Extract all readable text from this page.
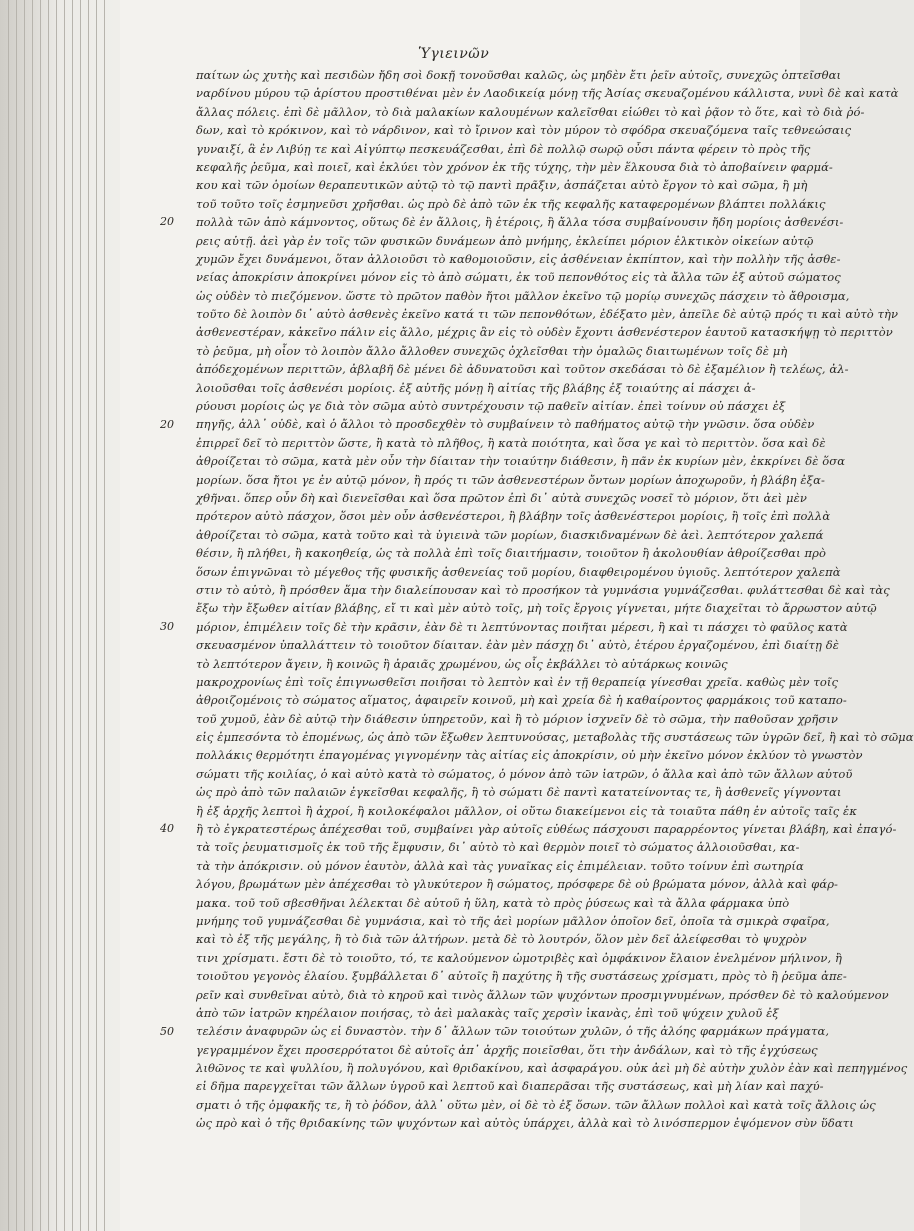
Ὑγιεινῶν
20
20
30
40
50
παίτων ὡς χυτὴς καὶ πεσιδὼν ἤδη σοὶ δοκῇ τονοῦσθαι καλῶς, ὡς μηδὲν ἔτι ῥεῖν αὐτοῖς, συνεχῶς ὀπτεῖσθαι
ναρδίνου μύρου τῷ ἀρίστου προστιθέναι μὲν ἐν Λαοδικείᾳ μόνῃ τῆς Ἀσίας σκευαζομένου κάλλιστα, νυνὶ δὲ καὶ κατὰ
ἄλλας πόλεις. ἐπὶ δὲ μᾶλλον, τὸ διὰ μαλακίων καλουμένων καλεῖσθαι εἰώθει τὸ καὶ ῥᾷον τὸ ὅτε, καὶ τὸ διὰ ῥό-
δων, καὶ τὸ κρόκινον, καὶ τὸ νάρδινον, καὶ τὸ ἴρινον καὶ τὸν μύρον τὸ σφόδρα σκευαζόμενα ταῖς τεθνεώσαις
γυναιξί, ἃ ἐν Λιβύῃ τε καὶ Αἰγύπτῳ πεσκευάζεσθαι, ἐπὶ δὲ πολλῷ σωρῷ οὖσι πάντα φέρειν τὸ πρὸς τῆς
κεφαλῆς ῥεῦμα, καὶ ποιεῖ, καὶ ἐκλύει τὸν χρόνον ἐκ τῆς τύχης, τὴν μὲν ἕλκουσα διὰ τὸ ἀποβαίνειν φαρμά-
κου καὶ τῶν ὁμοίων θεραπευτικῶν αὐτῷ τὸ τῷ παντὶ πρᾶξιν, ἀσπάζεται αὐτὸ ἔργον τὸ καὶ σῶμα, ἢ μὴ
τοῦ τοῦτο τοῖς ἐσμηνεῦσι χρῆσθαι. ὡς πρὸ δὲ ἀπὸ τῶν ἐκ τῆς κεφαλῆς καταφερομένων βλάπτει πολλάκις
πολλὰ τῶν ἀπὸ κάμνοντος, οὕτως δὲ ἐν ἄλλοις, ἢ ἑτέροις, ἢ ἄλλα τόσα συμβαίνουσιν ἤδη μορίοις ἀσθενέσι-
ρεις αὐτῇ. ἀεὶ γὰρ ἐν τοῖς τῶν φυσικῶν δυνάμεων ἀπὸ μνήμης, ἐκλείπει μόριον ἐλκτικὸν οἰκείων αὐτῷ
χυμῶν ἔχει δυνάμενοι, ὅταν ἀλλοιοῦσι τὸ καθομοιοῦσιν, εἰς ἀσθένειαν ἐκπίπτον, καὶ τὴν πολλὴν τῆς ἀσθε-
νείας ἀποκρίσιν ἀποκρίνει μόνον εἰς τὸ ἀπὸ σώματι, ἐκ τοῦ πεπονθότος εἰς τὰ ἄλλα τῶν ἐξ αὐτοῦ σώματος
ὡς οὐδὲν τὸ πιεζόμενον. ὥστε τὸ πρῶτον παθὸν ἤτοι μᾶλλον ἐκεῖνο τῷ μορίῳ συνεχῶς πάσχειν τὸ ἄθροισμα,
τοῦτο δὲ λοιπὸν δι᾽ αὐτὸ ἀσθενὲς ἐκεῖνο κατά τι τῶν πεπονθότων, ἐδέξατο μὲν, ἀπεῖλε δὲ αὐτῷ πρός τι καὶ αὐτὸ τὴν
ἀσθενεστέραν, κἀκεῖνο πάλιν εἰς ἄλλο, μέχρις ἂν εἰς τὸ οὐδὲν ἔχοντι ἀσθενέστερον ἑαυτοῦ κατασκήψῃ τὸ περιττὸν
τὸ ῥεῦμα, μὴ οἷον τὸ λοιπὸν ἄλλο ἄλλοθεν συνεχῶς ὀχλεῖσθαι τὴν ὀμαλῶς διαιτωμένων τοῖς δὲ μὴ
ἀπόδεχομένων περιττῶν, ἀβλαβῆ δὲ μένει δὲ ἀδυνατοῦσι καὶ τοῦτον σκεδάσαι τὸ δὲ ἐξαμέλιον ἢ τελέως, ἀλ-
λοιοῦσθαι τοῖς ἀσθενέσι μορίοις. ἐξ αὐτῆς μόνῃ ἢ αἰτίας τῆς βλάβης ἐξ τοιαύτης αἱ πάσχει ἀ-
ρύουσι μορίοις ὡς γε διὰ τὸν σῶμα αὐτὸ συντρέχουσιν τῷ παθεῖν αἰτίαν. ἐπεὶ τοίνυν οὐ πάσχει ἐξ
πηγῆς, ἀλλ᾽ οὐδὲ, καὶ ὁ ἄλλοι τὸ προσδεχθὲν τὸ συμβαίνειν τὸ παθήματος αὐτῷ τὴν γνῶσιν. ὅσα οὐδὲν
ἐπιρρεῖ δεῖ τὸ περιττὸν ὥστε, ἢ κατὰ τὸ πλῆθος, ἢ κατὰ ποιότητα, καὶ ὅσα γε καὶ τὸ περιττὸν. ὅσα καὶ δὲ
ἀθροίζεται τὸ σῶμα, κατὰ μὲν οὖν τὴν δίαιταν τὴν τοιαύτην διάθεσιν, ἢ πᾶν ἐκ κυρίων μὲν, ἐκκρίνει δὲ ὅσα
μορίων. ὅσα ἤτοι γε ἐν αὐτῷ μόνον, ἢ πρός τι τῶν ἀσθενεστέρων ὄντων μορίων ἀποχωροῦν, ἡ βλάβη ἐξα-
χθῆναι. ὅπερ οὖν δὴ καὶ διενεῖσθαι καὶ ὅσα πρῶτον ἐπὶ δι᾽ αὐτὰ συνεχῶς νοσεῖ τὸ μόριον, ὅτι ἀεὶ μὲν
πρότερον αὐτὸ πάσχον, ὅσοι μὲν οὖν ἀσθενέστεροι, ἢ βλάβην τοῖς ἀσθενέστεροι μορίοις, ἢ τοῖς ἐπὶ πολλὰ
ἀθροίζεται τὸ σῶμα, κατὰ τοῦτο καὶ τὰ ὑγιεινὰ τῶν μορίων, διασκιδναμένων δὲ ἀεὶ. λεπτότερον χαλεπά
θέσιν, ἢ πλήθει, ἢ κακοηθείᾳ, ὡς τὰ πολλὰ ἐπὶ τοῖς διαιτήμασιν, τοιοῦτον ἢ ἀκολουθίαν ἀθροίζεσθαι πρὸ
ὅσων ἐπιγνῶναι τὸ μέγεθος τῆς φυσικῆς ἀσθενείας τοῦ μορίου, διαφθειρομένου ὑγιοῦς. λεπτότερον χαλεπὰ
στιν τὸ αὐτὸ, ἢ πρόσθεν ἅμα τὴν διαλείπουσαν καὶ τὸ προσήκον τὰ γυμνάσια γυμνάζεσθαι. φυλάττεσθαι δὲ καὶ τὰς
ἔξω τὴν ἔξωθεν αἰτίαν βλάβης, εἴ τι καὶ μὲν αὐτὸ τοῖς, μὴ τοῖς ἔργοις γίγνεται, μήτε διαχεῖται τὸ ἄρρωστον αὐτῷ
μόριον, ἐπιμέλειν τοῖς δὲ τὴν κρᾶσιν, ἐὰν δὲ τι λεπτύνοντας ποιῆται μέρεσι, ἢ καὶ τι πάσχει τὸ φαῦλος κατὰ
σκευασμένον ὑπαλλάττειν τὸ τοιοῦτον δίαιταν. ἐὰν μὲν πάσχῃ δι᾽ αὐτὸ, ἑτέρου ἐργαζομένου, ἐπὶ διαίτῃ δὲ
τὸ λεπτότερον ἄγειν, ἢ κοινῶς ἢ ἀραιᾶς χρωμένου, ὡς οἷς ἐκβάλλει τὸ αὐτάρκως κοινῶς
μακροχρονίως ἐπὶ τοῖς ἐπιγνωσθεῖσι ποιῆσαι τὸ λεπτὸν καὶ ἐν τῇ θεραπείᾳ γίνεσθαι χρεῖα. καθὼς μὲν τοῖς
ἀθροιζομένοις τὸ σώματος αἵματος, ἀφαιρεῖν κοινοῦ, μὴ καὶ χρεία δὲ ἡ καθαίροντος φαρμάκοις τοῦ καταπο-
τοῦ χυμοῦ, ἐὰν δὲ αὐτῷ τὴν διάθεσιν ὑπηρετοῦν, καὶ ἢ τὸ μόριον ἰσχνεῖν δὲ τὸ σῶμα, τὴν παθοῦσαν χρῆσιν
εἰς ἐμπεσόντα τὸ ἐπομένως, ὡς ἀπὸ τῶν ἔξωθεν λεπτυνούσας, μεταβολὰς τῆς συστάσεως τῶν ὑγρῶν δεῖ, ἢ καὶ τὸ σῶμα
πολλάκις θερμότητι ἐπαγομένας γιγνομένην τὰς αἰτίας εἰς ἀποκρίσιν, οὐ μὴν ἐκεῖνο μόνον ἐκλύον τὸ γνωστὸν
σώματι τῆς κοιλίας, ὁ καὶ αὐτὸ κατὰ τὸ σώματος, ὁ μόνον ἀπὸ τῶν ἰατρῶν, ὁ ἄλλα καὶ ἀπὸ τῶν ἄλλων αὐτοῦ
ὡς πρὸ ἀπὸ τῶν παλαιῶν ἐγκεῖσθαι κεφαλῆς, ἢ τὸ σώματι δὲ παντὶ κατατείνοντας τε, ἢ ἀσθενεῖς γίγνονται
ἢ ἐξ ἀρχῆς λεπτοὶ ἢ ἀχροί, ἢ κοιλοκέφαλοι μᾶλλον, οἱ οὕτω διακείμενοι εἰς τὰ τοιαῦτα πάθη ἐν αὐτοῖς ταῖς ἐκ
ἢ τὸ ἐγκρατεστέρως ἀπέχεσθαι τοῦ, συμβαίνει γὰρ αὐτοῖς εὐθέως πάσχουσι παραρρέοντος γίνεται βλάβη, καὶ ἐπαγό-
τὰ τοῖς ῥευματισμοῖς ἐκ τοῦ τῆς ἔμφυσιν, δι᾽ αὐτὸ τὸ καὶ θερμὸν ποιεῖ τὸ σώματος ἀλλοιοῦσθαι, κα-
τὰ τὴν ἀπόκρισιν. οὐ μόνον ἑαυτὸν, ἀλλὰ καὶ τὰς γυναῖκας εἰς ἐπιμέλειαν. τοῦτο τοίνυν ἐπὶ σωτηρία
λόγου, βρωμάτων μὲν ἀπέχεσθαι τὸ γλυκύτερον ἢ σώματος, πρόσφερε δὲ οὐ βρώματα μόνον, ἀλλὰ καὶ φάρ-
μακα. τοῦ τοῦ σβεσθῆναι λέλεκται δὲ αὐτοῦ ἡ ὕλη, κατὰ τὸ πρὸς ῥύσεως καὶ τὰ ἄλλα φάρμακα ὑπὸ
μνήμης τοῦ γυμνάζεσθαι δὲ γυμνάσια, καὶ τὸ τῆς ἀεὶ μορίων μᾶλλον ὁποῖον δεῖ, ὁποῖα τὰ σμικρὰ σφαῖρα,
καὶ τὸ ἐξ τῆς μεγάλης, ἢ τὸ διὰ τῶν ἁλτήρων. μετὰ δὲ τὸ λουτρόν, ὅλον μὲν δεῖ ἀλείφεσθαι τὸ ψυχρὸν
τινι χρίσματι. ἔστι δὲ τὸ τοιοῦτο, τό, τε καλούμενον ὠμοτριβὲς καὶ ὀμφάκινον ἔλαιον ἐνελμένον μήλινον, ἢ
τοιοῦτου γεγονὸς ἐλαίου. ξυμβάλλεται δ᾽ αὐτοῖς ἢ παχύτης ἢ τῆς συστάσεως χρίσματι, πρὸς τὸ ἢ ῥεῦμα ἀπε-
ρεῖν καὶ συνθεῖναι αὐτὸ, διὰ τὸ κηροῦ καὶ τινὸς ἄλλων τῶν ψυχόντων προσμιγνυμένων, πρόσθεν δὲ τὸ καλούμενον
ἀπὸ τῶν ἰατρῶν κηρέλαιον ποιήσας, τὸ ἀεὶ μαλακὰς ταῖς χερσὶν ἰκανὰς, ἐπὶ τοῦ ψύχειν χυλοῦ ἐξ
τελέσιν ἀναφυρῶν ὡς εἰ δυναστὸν. τὴν δ᾽ ἄλλων τῶν τοιούτων χυλῶν, ὁ τῆς ἀλόης φαρμάκων πράγματα,
γεγραμμένον ἔχει προσερρότατοι δὲ αὐτοῖς ἀπ᾽ ἀρχῆς ποιεῖσθαι, ὅτι τὴν ἀνδάλων, καὶ τὸ τῆς ἐγχύσεως
λιθῶνος τε καὶ ψυλλίου, ἢ πολυγόνου, καὶ θριδακίνου, καὶ ἀσφαράγου. οὐκ ἀεὶ μὴ δὲ αὐτὴν χυλὸν ἐὰν καὶ πεπηγμένος
εἰ δῆμα παρεγχεῖται τῶν ἄλλων ὑγροῦ καὶ λεπτοῦ καὶ διαπερᾶσαι τῆς συστάσεως, καὶ μὴ λίαν καὶ παχύ-
σματι ὁ τῆς ὀμφακῆς τε, ἢ τὸ ῥόδον, ἀλλ᾽ οὕτω μὲν, οἱ δὲ τὸ ἐξ ὅσων. τῶν ἄλλων πολλοὶ καὶ κατὰ τοῖς ἄλλοις ὡς
ὡς πρὸ καὶ ὁ τῆς θριδακίνης τῶν ψυχόντων καὶ αὐτὸς ὑπάρχει, ἀλλὰ καὶ τὸ λινόσπερμον ἐψόμενον σὺν ὕδατι
